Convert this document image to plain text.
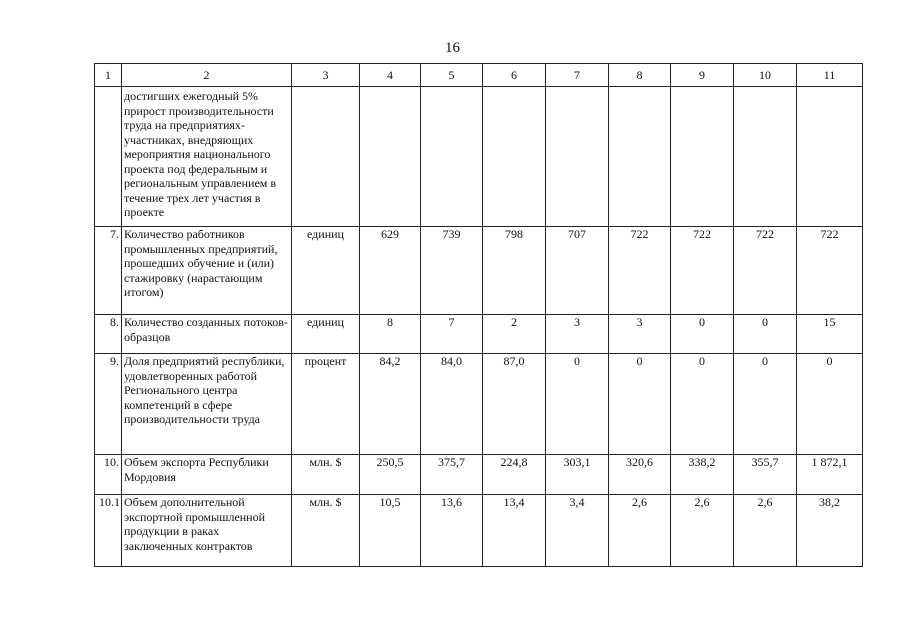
16
1	2	3	4	5	6	7	8	9	10	11
	достигших ежегодный 5% прирост производительности труда на предприятиях-участниках, внедряющих мероприятия национального проекта под федеральным и региональным управлением в течение трех лет участия в проекте									
7.	Количество работников промышленных предприятий, прошедших обучение и (или) стажировку (нарастающим итогом)	единиц	629	739	798	707	722	722	722	722
8.	Количество созданных потоков-образцов	единиц	8	7	2	3	3	0	0	15
9.	Доля предприятий республики, удовлетворенных работой Регионального центра компетенций в сфере производительности труда	процент	84,2	84,0	87,0	0	0	0	0	0
10.	Объем экспорта Республики Мордовия	млн. $	250,5	375,7	224,8	303,1	320,6	338,2	355,7	1 872,1
10.1	Объем дополнительной экспортной промышленной продукции в раках заключенных контрактов	млн. $	10,5	13,6	13,4	3,4	2,6	2,6	2,6	38,2
